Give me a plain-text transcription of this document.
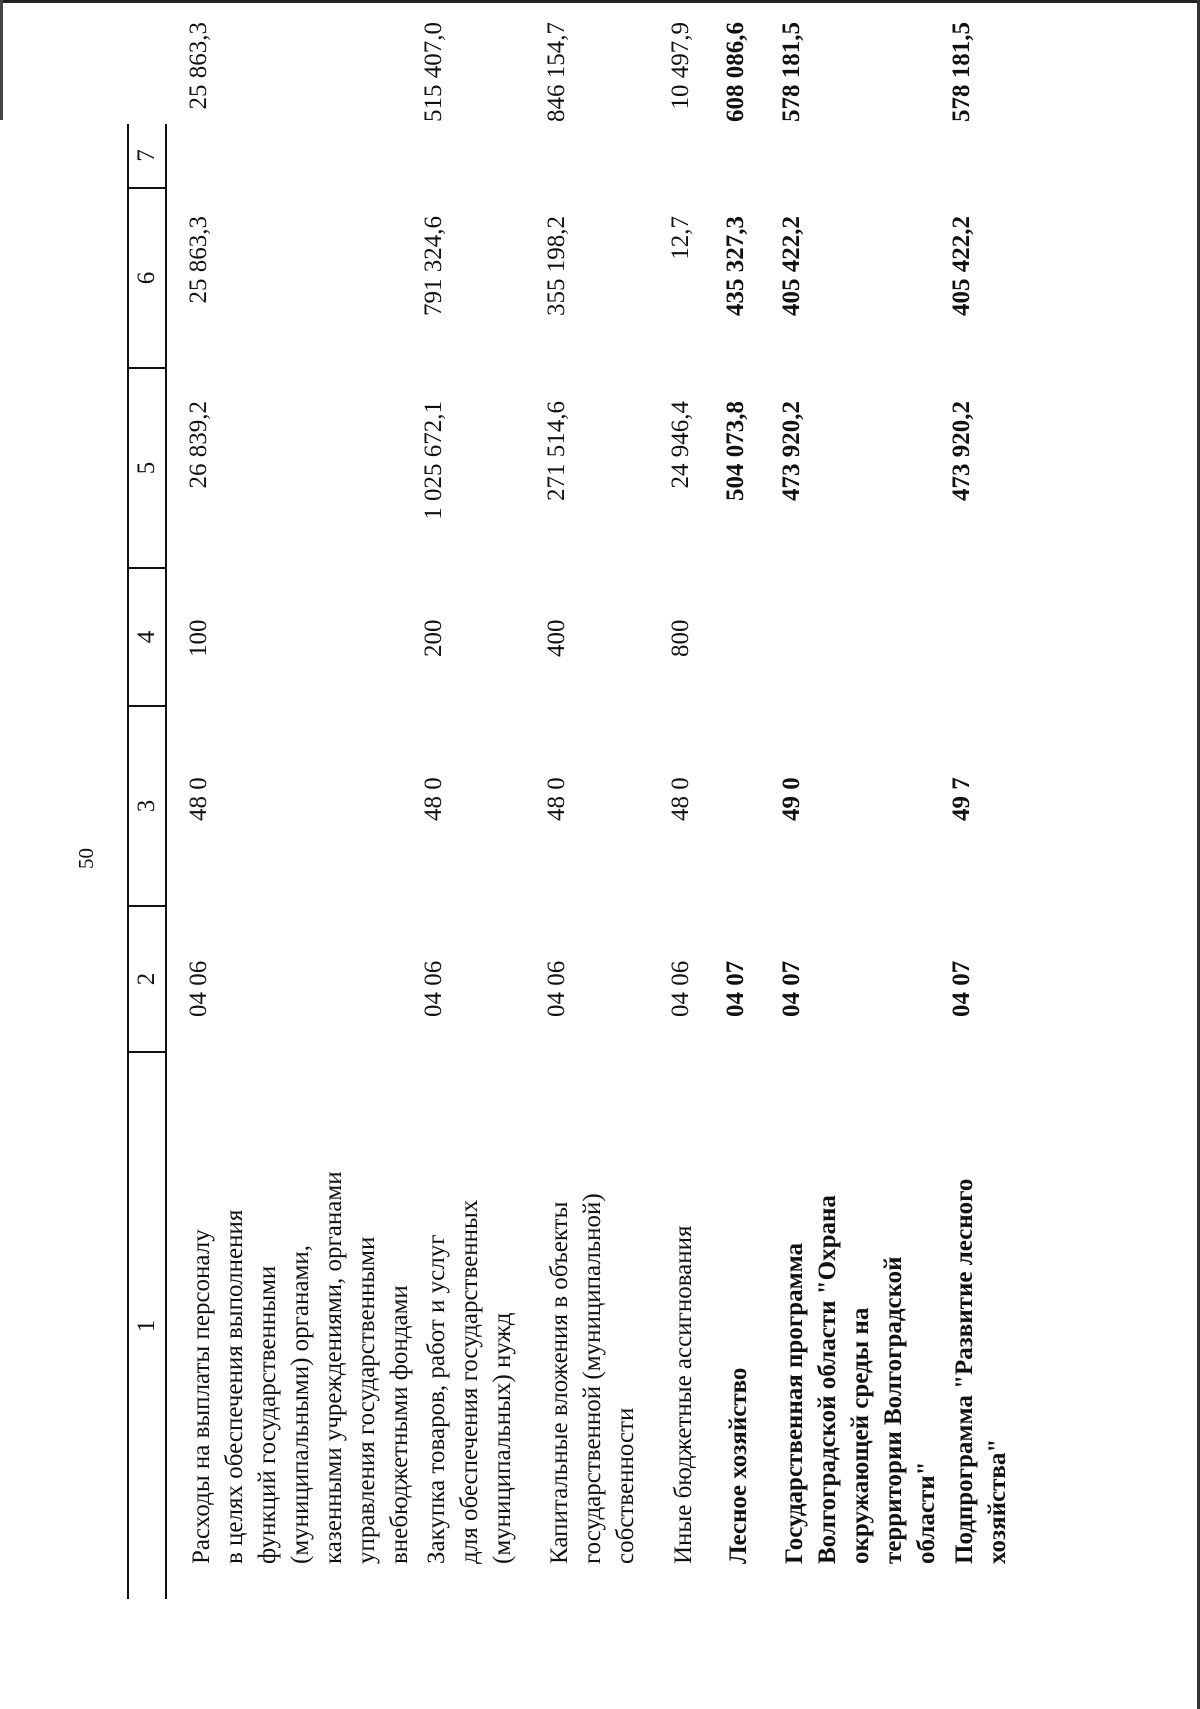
50
1
2
3
4
5
6
7
Расходы на выплаты персоналу в целях обеспечения выполнения функций государственными (муниципальными) органами, казенными учреждениями, органами управления государственными внебюджетными фондами
04 06
48 0
100
26 839,2
25 863,3
25 863,3
Закупка товаров, работ и услуг для обеспечения государственных (муниципальных) нужд
04 06
48 0
200
1 025 672,1
791 324,6
515 407,0
Капитальные вложения в объекты государственной (муниципальной) собственности
04 06
48 0
400
271 514,6
355 198,2
846 154,7
Иные бюджетные ассигнования
04 06
48 0
800
24 946,4
12,7
10 497,9
Лесное хозяйство
04 07
504 073,8
435 327,3
608 086,6
Государственная программа Волгоградской области "Охрана окружающей среды на территории Волгоградской области"
04 07
49 0
473 920,2
405 422,2
578 181,5
Подпрограмма "Развитие лесного хозяйства"
04 07
49 7
473 920,2
405 422,2
578 181,5
